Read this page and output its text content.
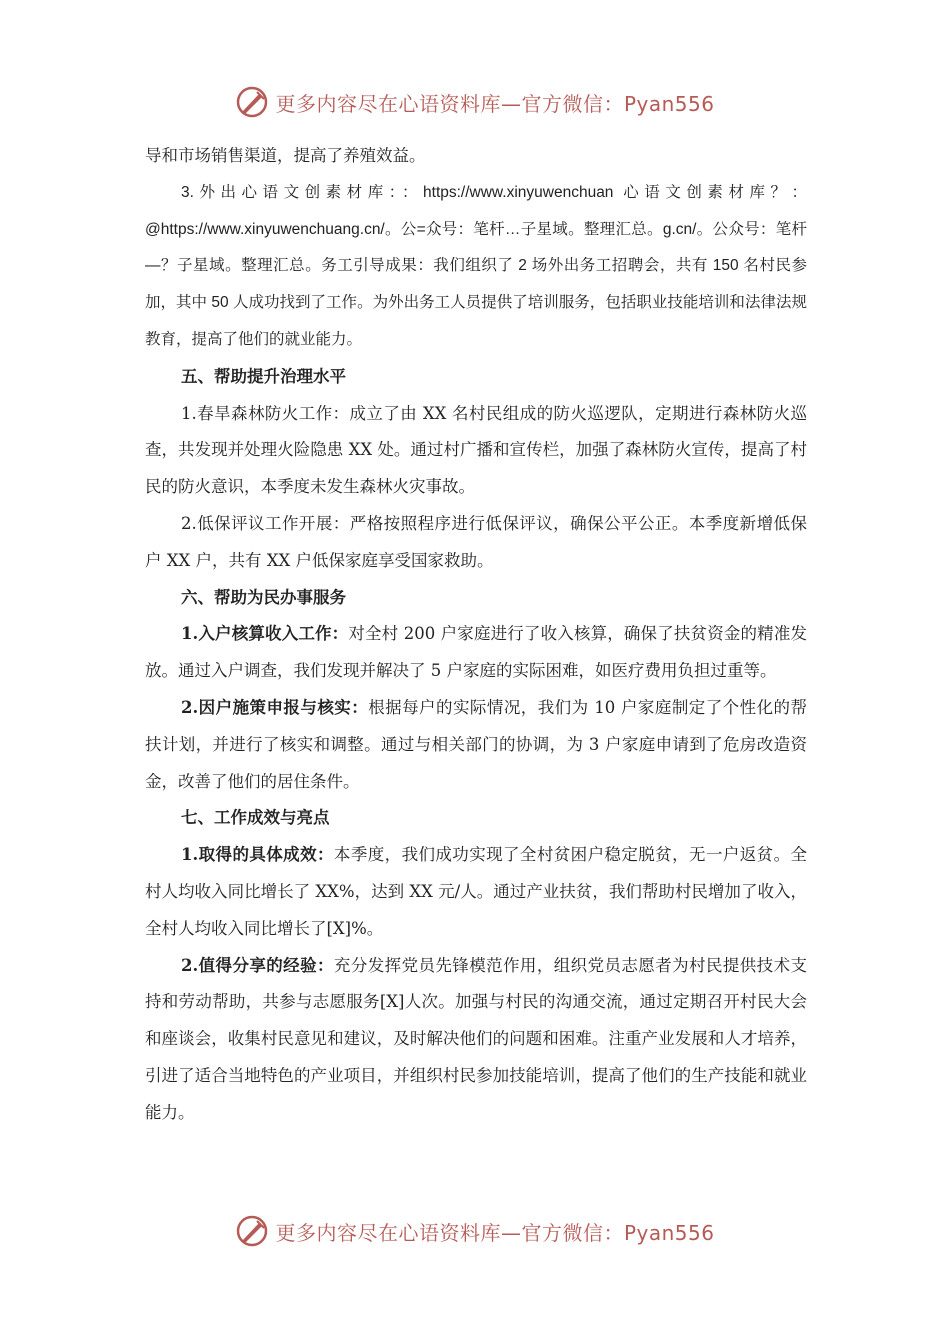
更多内容尽在心语资料库—官方微信：Pyan556

导和市场销售渠道，提高了养殖效益。

3.外出心语文创素材库：：https://www.xinyuwenchuan 心语文创素材库？：@https://www.xinyuwenchuang.cn/。公=众号：笔杆…子星域。整理汇总。g.cn/。公众号：笔杆—？子星域。整理汇总。务工引导成果：我们组织了 2 场外出务工招聘会，共有 150 名村民参加，其中 50 人成功找到了工作。为外出务工人员提供了培训服务，包括职业技能培训和法律法规教育，提高了他们的就业能力。

五、帮助提升治理水平

1.春旱森林防火工作：成立了由 XX 名村民组成的防火巡逻队，定期进行森林防火巡查，共发现并处理火险隐患 XX 处。通过村广播和宣传栏，加强了森林防火宣传，提高了村民的防火意识，本季度未发生森林火灾事故。

2.低保评议工作开展：严格按照程序进行低保评议，确保公平公正。本季度新增低保户 XX 户，共有 XX 户低保家庭享受国家救助。

六、帮助为民办事服务

1.入户核算收入工作：对全村 200 户家庭进行了收入核算，确保了扶贫资金的精准发放。通过入户调查，我们发现并解决了 5 户家庭的实际困难，如医疗费用负担过重等。

2.因户施策申报与核实：根据每户的实际情况，我们为 10 户家庭制定了个性化的帮扶计划，并进行了核实和调整。通过与相关部门的协调，为 3 户家庭申请到了危房改造资金，改善了他们的居住条件。

七、工作成效与亮点

1.取得的具体成效：本季度，我们成功实现了全村贫困户稳定脱贫，无一户返贫。全村人均收入同比增长了 XX%，达到 XX 元/人。通过产业扶贫，我们帮助村民增加了收入，全村人均收入同比增长了[X]%。

2.值得分享的经验：充分发挥党员先锋模范作用，组织党员志愿者为村民提供技术支持和劳动帮助，共参与志愿服务[X]人次。加强与村民的沟通交流，通过定期召开村民大会和座谈会，收集村民意见和建议，及时解决他们的问题和困难。注重产业发展和人才培养，引进了适合当地特色的产业项目，并组织村民参加技能培训，提高了他们的生产技能和就业能力。

更多内容尽在心语资料库—官方微信：Pyan556
